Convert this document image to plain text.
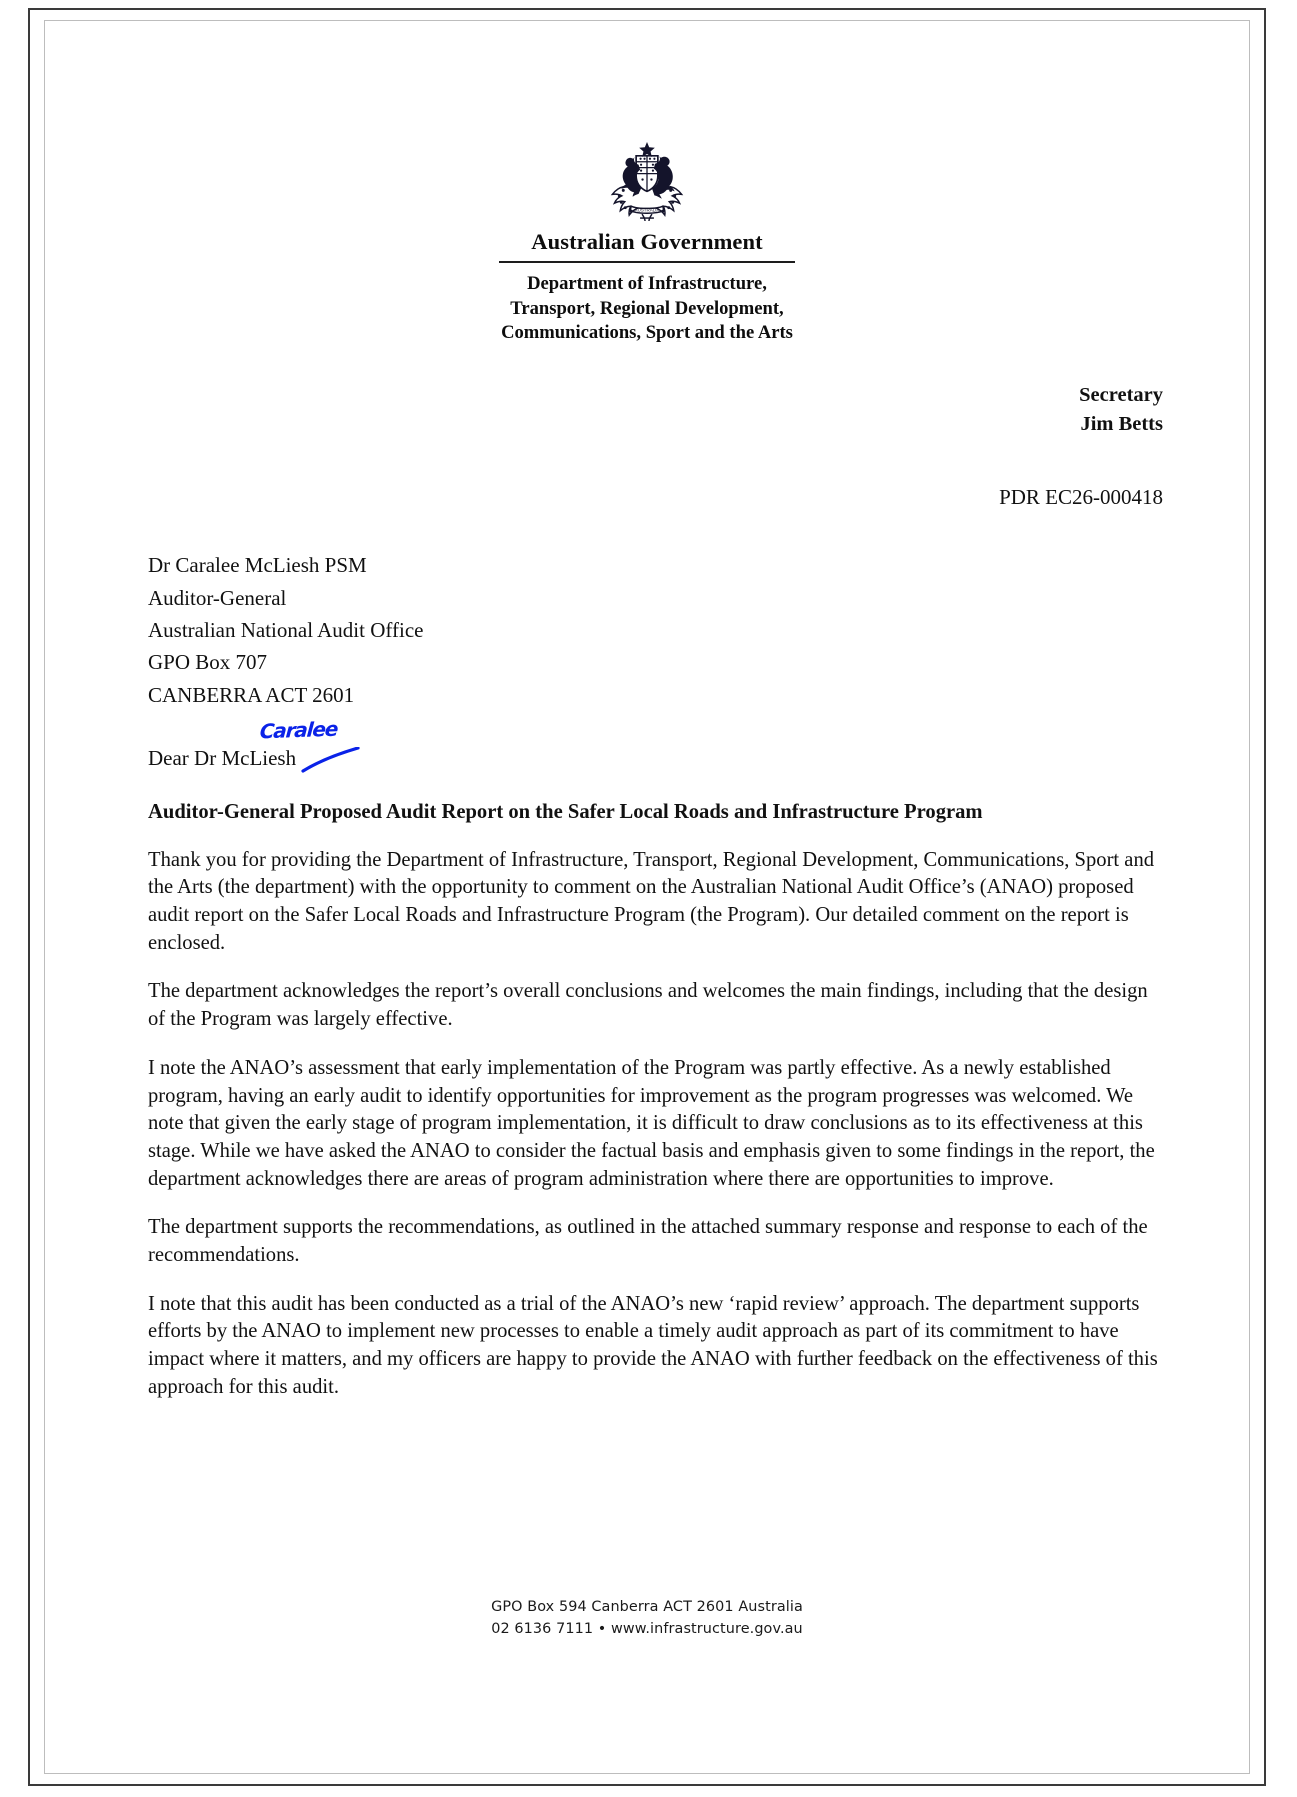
AUSTRALIA
Australian Government
Department of Infrastructure,
Transport, Regional Development,
Communications, Sport and the Arts
Secretary
Jim Betts
PDR EC26-000418
Dr Caralee McLiesh PSM
Auditor-General
Australian National Audit Office
GPO Box 707
CANBERRA ACT 2601
Dear Dr McLiesh
Caralee
Auditor-General Proposed Audit Report on the Safer Local Roads and Infrastructure Program

Thank you for providing the Department of Infrastructure, Transport, Regional Development, Communications, Sport and the Arts (the department) with the opportunity to comment on the Australian National Audit Office’s (ANAO) proposed audit report on the Safer Local Roads and Infrastructure Program (the Program). Our detailed comment on the report is enclosed.

The department acknowledges the report’s overall conclusions and welcomes the main findings, including that the design of the Program was largely effective.

I note the ANAO’s assessment that early implementation of the Program was partly effective. As a newly established program, having an early audit to identify opportunities for improvement as the program progresses was welcomed. We note that given the early stage of program implementation, it is difficult to draw conclusions as to its effectiveness at this stage. While we have asked the ANAO to consider the factual basis and emphasis given to some findings in the report, the department acknowledges there are areas of program administration where there are opportunities to improve.

The department supports the recommendations, as outlined in the attached summary response and response to each of the recommendations.

I note that this audit has been conducted as a trial of the ANAO’s new ‘rapid review’ approach. The department supports efforts by the ANAO to implement new processes to enable a timely audit approach as part of its commitment to have impact where it matters, and my officers are happy to provide the ANAO with further feedback on the effectiveness of this approach for this audit.

GPO Box 594 Canberra ACT 2601 Australia
02 6136 7111 • www.infrastructure.gov.au
